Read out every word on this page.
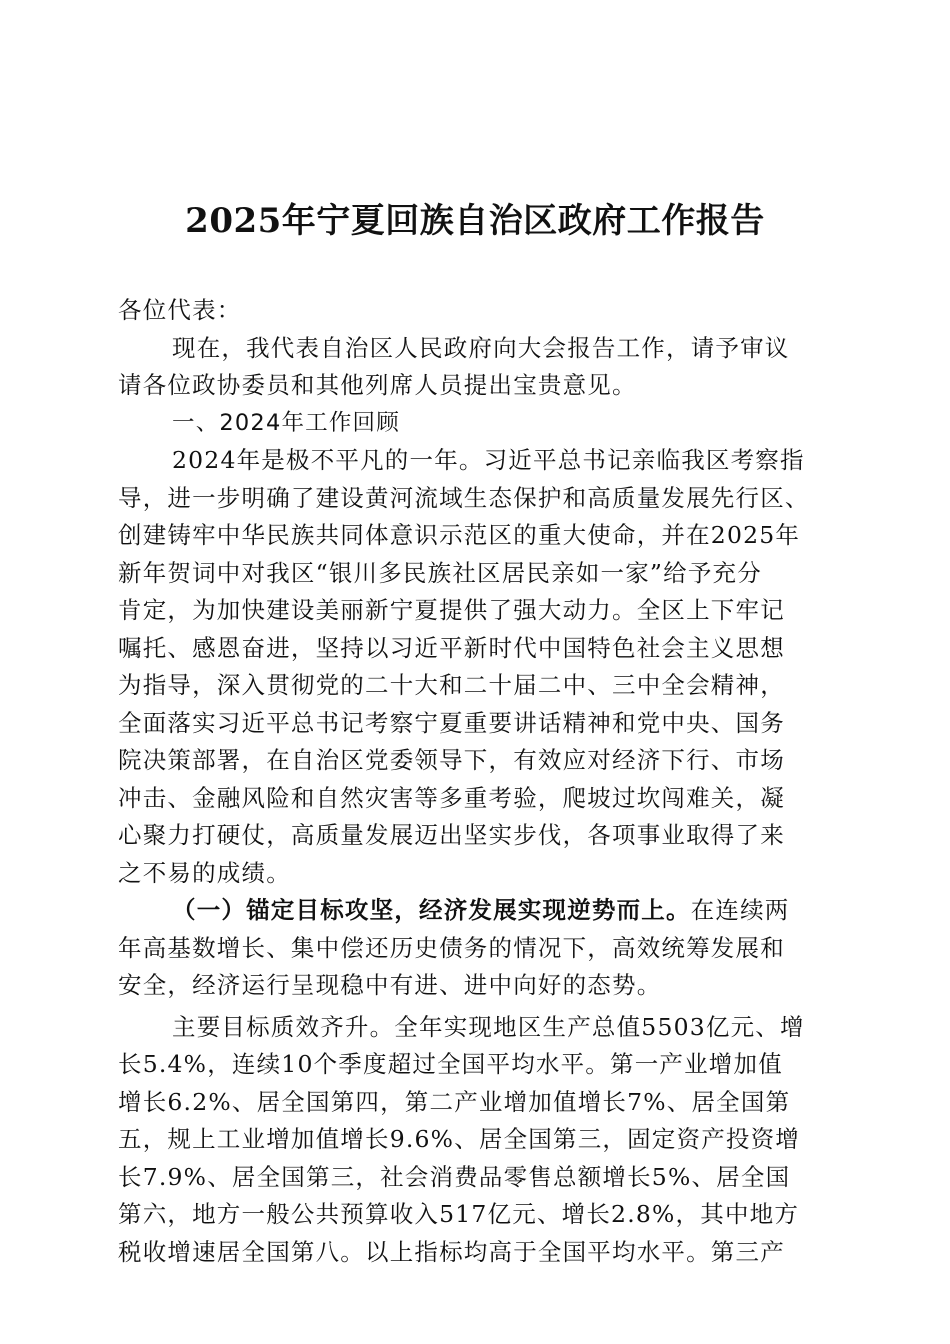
2025年宁夏回族自治区政府工作报告
各位代表：
现在，我代表自治区人民政府向大会报告工作，请予审议
请各位政协委员和其他列席人员提出宝贵意见。
一、2024年工作回顾
2024年是极不平凡的一年。习近平总书记亲临我区考察指
导，进一步明确了建设黄河流域生态保护和高质量发展先行区、
创建铸牢中华民族共同体意识示范区的重大使命，并在2025年
新年贺词中对我区“银川多民族社区居民亲如一家”给予充分
肯定，为加快建设美丽新宁夏提供了强大动力。全区上下牢记
嘱托、感恩奋进，坚持以习近平新时代中国特色社会主义思想
为指导，深入贯彻党的二十大和二十届二中、三中全会精神，
全面落实习近平总书记考察宁夏重要讲话精神和党中央、国务
院决策部署，在自治区党委领导下，有效应对经济下行、市场
冲击、金融风险和自然灾害等多重考验，爬坡过坎闯难关，凝
心聚力打硬仗，高质量发展迈出坚实步伐，各项事业取得了来
之不易的成绩。
（一）锚定目标攻坚，经济发展实现逆势而上。在连续两
年高基数增长、集中偿还历史债务的情况下，高效统筹发展和
安全，经济运行呈现稳中有进、进中向好的态势。
主要目标质效齐升。全年实现地区生产总值5503亿元、增
长5.4%，连续10个季度超过全国平均水平。第一产业增加值
增长6.2%、居全国第四，第二产业增加值增长7%、居全国第
五，规上工业增加值增长9.6%、居全国第三，固定资产投资增
长7.9%、居全国第三，社会消费品零售总额增长5%、居全国
第六，地方一般公共预算收入517亿元、增长2.8%，其中地方
税收增速居全国第八。以上指标均高于全国平均水平。第三产
